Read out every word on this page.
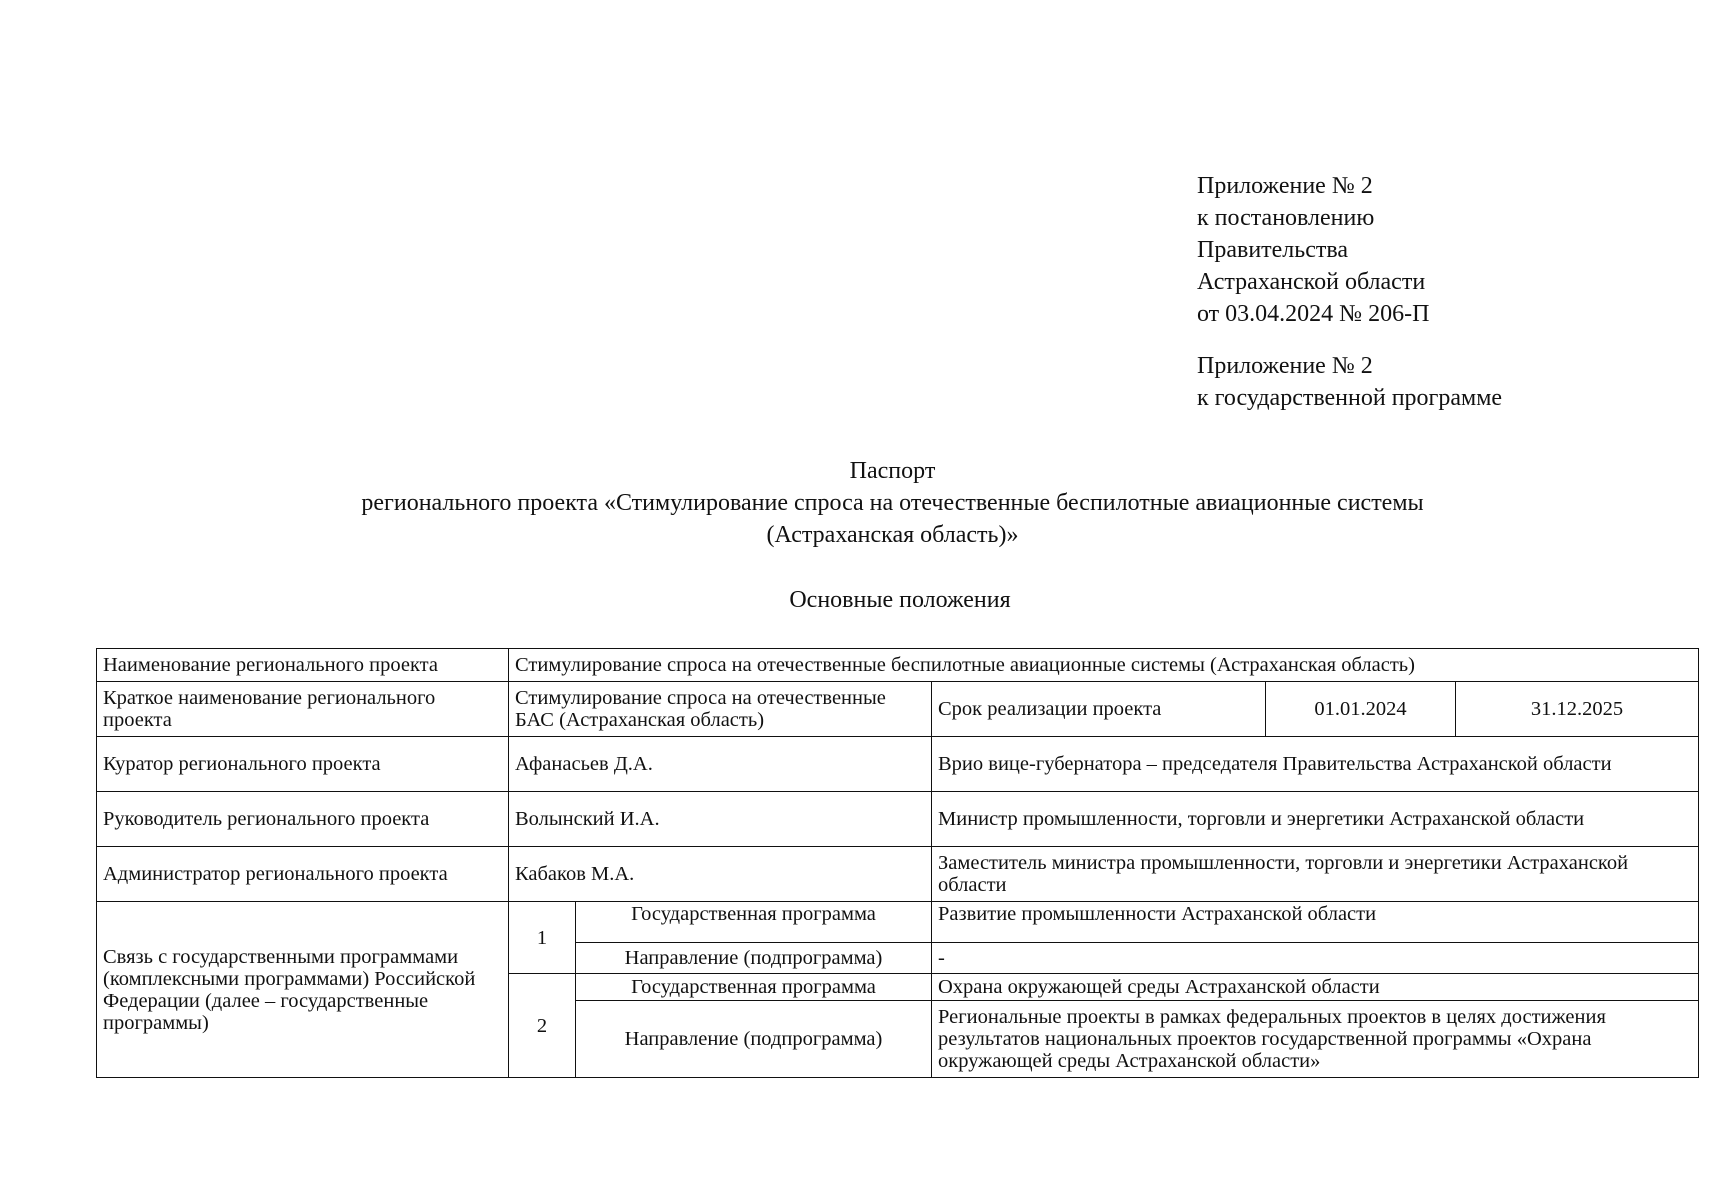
Приложение № 2
к постановлению
Правительства
Астраханской области
от 03.04.2024 № 206-П
Приложение № 2
к государственной программе
Паспорт
регионального проекта «Стимулирование спроса на отечественные беспилотные авиационные системы
(Астраханская область)»
Основные положения
Наименование регионального проекта	Стимулирование спроса на отечественные беспилотные авиационные системы (Астраханская область)				
Краткое наименование регионального проекта	Стимулирование спроса на отечественные БАС (Астраханская область)		Срок реализации проекта	01.01.2024	31.12.2025
Куратор регионального проекта	Афанасьев Д.А.		Врио вице-губернатора – председателя Правительства Астраханской области		
Руководитель регионального проекта	Волынский И.А.		Министр промышленности, торговли и энергетики Астраханской области		
Администратор регионального проекта	Кабаков М.А.		Заместитель министра промышленности, торговли и энергетики Астраханской области		
Связь с государственными программами (комплексными программами) Российской Федерации (далее – государственные программы)	1	Государственная программа	Развитие промышленности Астраханской области		
		Направление (подпрограмма)	-		
	2	Государственная программа	Охрана окружающей среды Астраханской области		
		Направление (подпрограмма)	Региональные проекты в рамках федеральных проектов в целях достижения результатов национальных проектов государственной программы «Охрана окружающей среды Астраханской области»		
